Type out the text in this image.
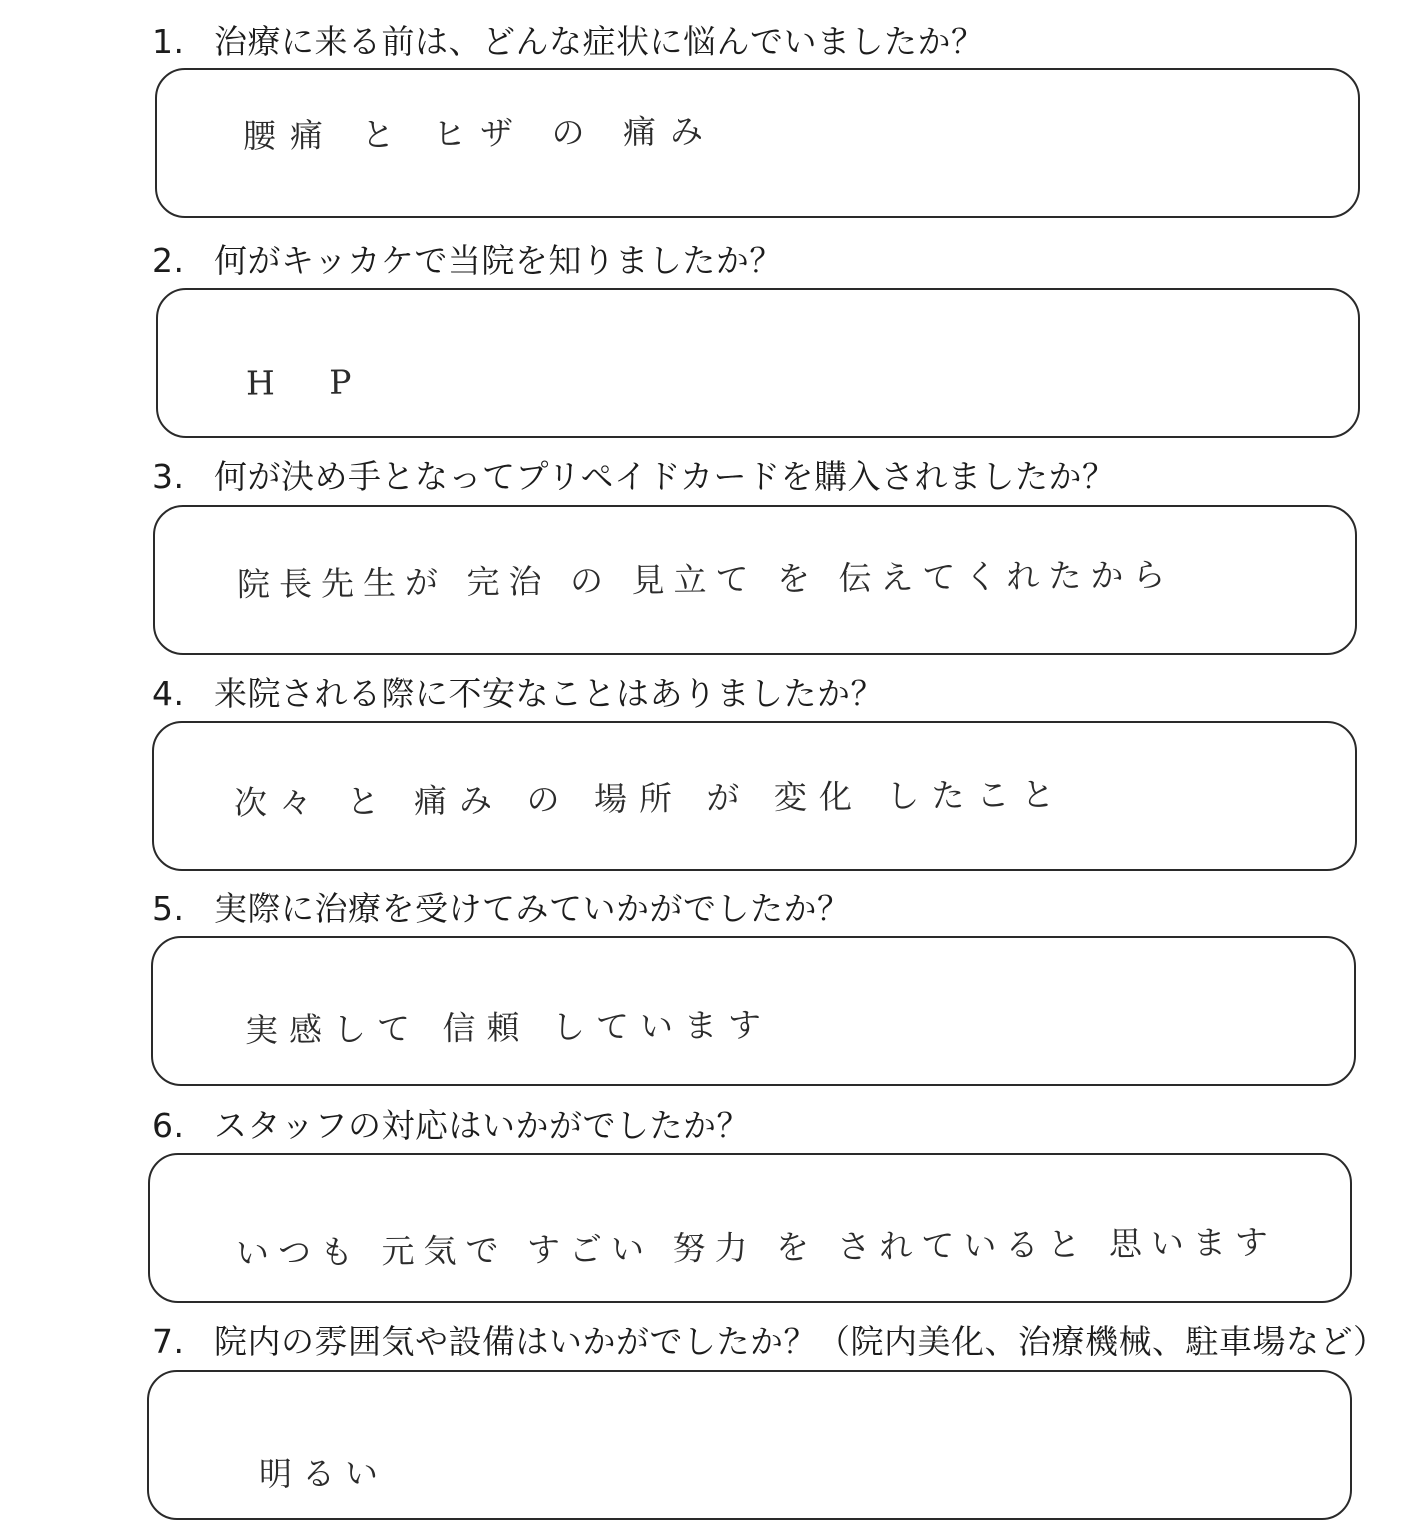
1. 治療に来る前は、どんな症状に悩んでいましたか？
腰痛 と ヒザ の 痛み
2. 何がキッカケで当院を知りましたか？
H P
3. 何が決め手となってプリペイドカードを購入されましたか？
院長先生が 完治 の 見立て を 伝えてくれたから
4. 来院される際に不安なことはありましたか？
次々 と 痛み の 場所 が 変化 したこと
5. 実際に治療を受けてみていかがでしたか？
実感して 信頼 しています
6. スタッフの対応はいかがでしたか？
いつも 元気で すごい 努力 を されていると 思います
7. 院内の雰囲気や設備はいかがでしたか？（院内美化、治療機械、駐車場など）
明るい
